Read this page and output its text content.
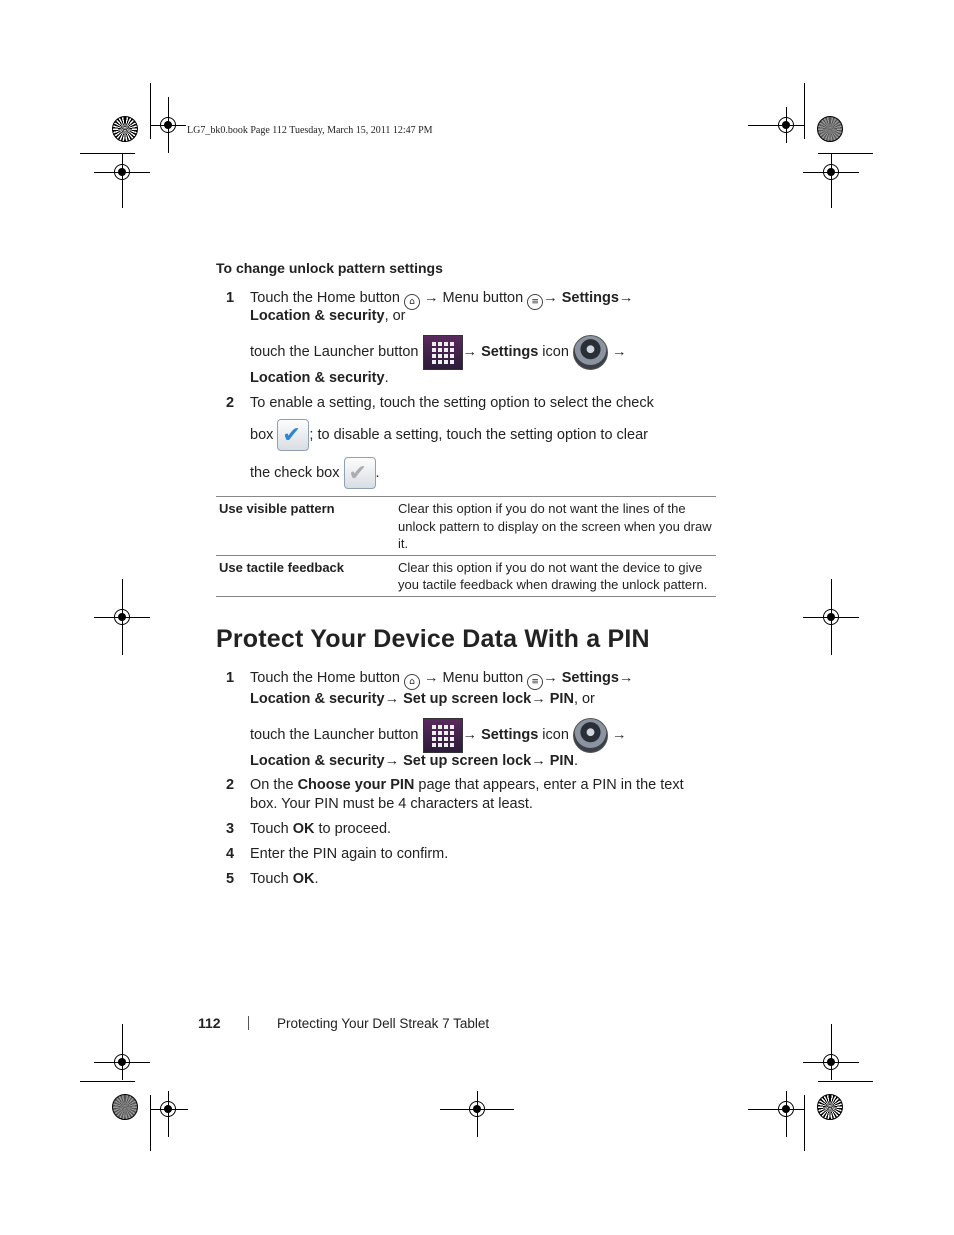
LG7_bk0.book Page 112 Tuesday, March 15, 2011 12:47 PM
To change unlock pattern settings
1 Touch the Home button ⌂ → Menu button ≡ → Settings→
Location & security, or
touch the Launcher button	→ Settings icon	→
Location & security.
2 To enable a setting, touch the setting option to select the check
box ✔ ; to disable a setting, touch the setting option to clear
the check box ✔ .
Use visible pattern	Clear this option if you do not want the lines of the unlock pattern to display on the screen when you draw it.
Use tactile feedback	Clear this option if you do not want the device to give you tactile feedback when drawing the unlock pattern.
Protect Your Device Data With a PIN
1 Touch the Home button ⌂ → Menu button ≡ → Settings→
Location & security→ Set up screen lock→ PIN, or
touch the Launcher button	→ Settings icon	→
Location & security→ Set up screen lock→ PIN.
2 On the Choose your PIN page that appears, enter a PIN in the text
box. Your PIN must be 4 characters at least.
3 Touch OK to proceed.
4 Enter the PIN again to confirm.
5 Touch OK.
112	Protecting Your Dell Streak 7 Tablet
